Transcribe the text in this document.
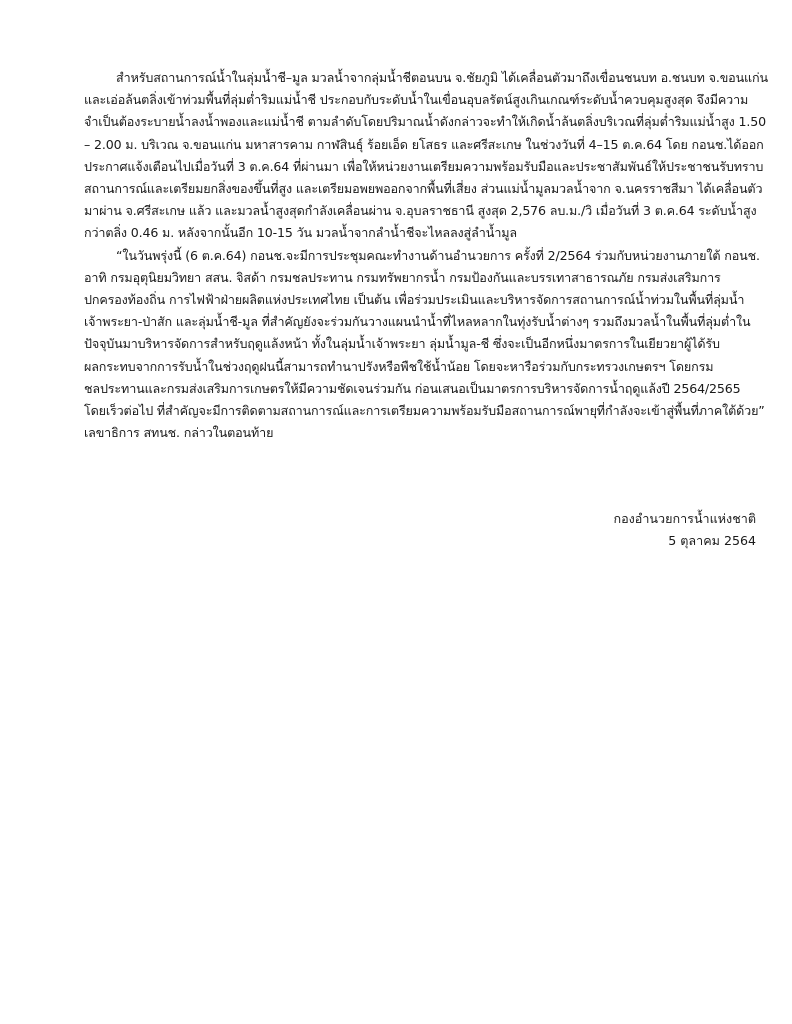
สำหรับสถานการณ์น้ำในลุ่มน้ำชี–มูล มวลน้ำจากลุ่มน้ำชีตอนบน จ.ชัยภูมิ ได้เคลื่อนตัวมาถึงเขื่อนชนบท อ.ชนบท จ.ขอนแก่น
และเอ่อล้นตลิ่งเข้าท่วมพื้นที่ลุ่มต่ำริมแม่น้ำชี ประกอบกับระดับน้ำในเขื่อนอุบลรัตน์สูงเกินเกณฑ์ระดับน้ำควบคุมสูงสุด จึงมีความ
จำเป็นต้องระบายน้ำลงน้ำพองและแม่น้ำชี ตามลำดับโดยปริมาณน้ำดังกล่าวจะทำให้เกิดน้ำล้นตลิ่งบริเวณที่ลุ่มต่ำริมแม่น้ำสูง 1.50
– 2.00 ม. บริเวณ จ.ขอนแก่น มหาสารคาม กาฬสินธุ์ ร้อยเอ็ด ยโสธร และศรีสะเกษ ในช่วงวันที่ 4–15 ต.ค.64 โดย กอนช.ได้ออก
ประกาศแจ้งเตือนไปเมื่อวันที่ 3 ต.ค.64 ที่ผ่านมา เพื่อให้หน่วยงานเตรียมความพร้อมรับมือและประชาสัมพันธ์ให้ประชาชนรับทราบ
สถานการณ์และเตรียมยกสิ่งของขึ้นที่สูง และเตรียมอพยพออกจากพื้นที่เสี่ยง ส่วนแม่น้ำมูลมวลน้ำจาก จ.นครราชสีมา ได้เคลื่อนตัว
มาผ่าน จ.ศรีสะเกษ แล้ว และมวลน้ำสูงสุดกำลังเคลื่อนผ่าน จ.อุบลราชธานี สูงสุด 2,576 ลบ.ม./วิ เมื่อวันที่ 3 ต.ค.64 ระดับน้ำสูง
กว่าตลิ่ง 0.46 ม. หลังจากนั้นอีก 10-15 วัน มวลน้ำจากลำน้ำชีจะไหลลงสู่ลำน้ำมูล
“ในวันพรุ่งนี้ (6 ต.ค.64) กอนช.จะมีการประชุมคณะทำงานด้านอำนวยการ ครั้งที่ 2/2564 ร่วมกับหน่วยงานภายใต้ กอนช.
อาทิ กรมอุตุนิยมวิทยา สสน. จิสด้า กรมชลประทาน กรมทรัพยากรน้ำ กรมป้องกันและบรรเทาสาธารณภัย กรมส่งเสริมการ
ปกครองท้องถิ่น การไฟฟ้าฝ่ายผลิตแห่งประเทศไทย เป็นต้น เพื่อร่วมประเมินและบริหารจัดการสถานการณ์น้ำท่วมในพื้นที่ลุ่มน้ำ
เจ้าพระยา-ป่าสัก และลุ่มน้ำชี-มูล ที่สำคัญยังจะร่วมกันวางแผนนำน้ำที่ไหลหลากในทุ่งรับน้ำต่างๆ รวมถึงมวลน้ำในพื้นที่ลุ่มต่ำใน
ปัจจุบันมาบริหารจัดการสำหรับฤดูแล้งหน้า ทั้งในลุ่มน้ำเจ้าพระยา ลุ่มน้ำมูล-ชี ซึ่งจะเป็นอีกหนึ่งมาตรการในเยียวยาผู้ได้รับ
ผลกระทบจากการรับน้ำในช่วงฤดูฝนนี้สามารถทำนาปรังหรือพืชใช้น้ำน้อย โดยจะหารือร่วมกับกระทรวงเกษตรฯ โดยกรม
ชลประทานและกรมส่งเสริมการเกษตรให้มีความชัดเจนร่วมกัน ก่อนเสนอเป็นมาตรการบริหารจัดการน้ำฤดูแล้งปี 2564/2565
โดยเร็วต่อไป ที่สำคัญจะมีการติดตามสถานการณ์และการเตรียมความพร้อมรับมือสถานการณ์พายุที่กำลังจะเข้าสู่พื้นที่ภาคใต้ด้วย”
เลขาธิการ สทนช. กล่าวในตอนท้าย
กองอำนวยการน้ำแห่งชาติ
5 ตุลาคม 2564
